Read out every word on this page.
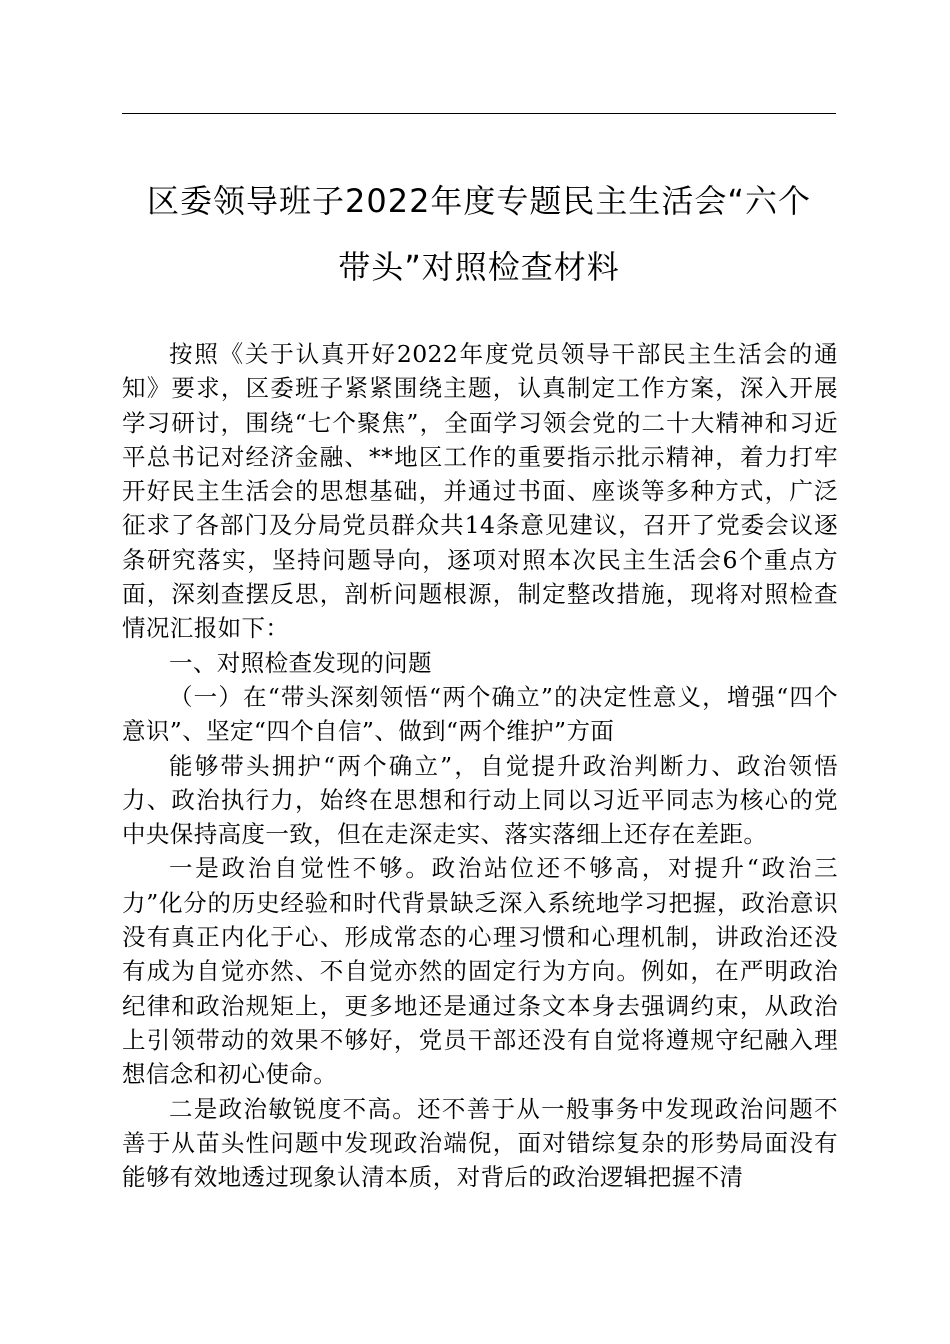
区委领导班子2022年度专题民主生活会“六个
带头”对照检查材料

按照《关于认真开好2022年度党员领导干部民主生活会的通知》要求，区委班子紧紧围绕主题，认真制定工作方案，深入开展学习研讨，围绕“七个聚焦”，全面学习领会党的二十大精神和习近平总书记对经济金融、**地区工作的重要指示批示精神，着力打牢开好民主生活会的思想基础，并通过书面、座谈等多种方式，广泛征求了各部门及分局党员群众共14条意见建议，召开了党委会议逐条研究落实，坚持问题导向，逐项对照本次民主生活会6个重点方面，深刻查摆反思，剖析问题根源，制定整改措施，现将对照检查情况汇报如下：

一、对照检查发现的问题

（一）在“带头深刻领悟“两个确立”的决定性意义，增强“四个意识”、坚定“四个自信”、做到“两个维护”方面

能够带头拥护“两个确立”，自觉提升政治判断力、政治领悟力、政治执行力，始终在思想和行动上同以习近平同志为核心的党中央保持高度一致，但在走深走实、落实落细上还存在差距。

一是政治自觉性不够。政治站位还不够高，对提升“政治三力”化分的历史经验和时代背景缺乏深入系统地学习把握，政治意识没有真正内化于心、形成常态的心理习惯和心理机制，讲政治还没有成为自觉亦然、不自觉亦然的固定行为方向。例如，在严明政治纪律和政治规矩上，更多地还是通过条文本身去强调约束，从政治上引领带动的效果不够好，党员干部还没有自觉将遵规守纪融入理想信念和初心使命。

二是政治敏锐度不高。还不善于从一般事务中发现政治问题不善于从苗头性问题中发现政治端倪，面对错综复杂的形势局面没有能够有效地透过现象认清本质，对背后的政治逻辑把握不清
